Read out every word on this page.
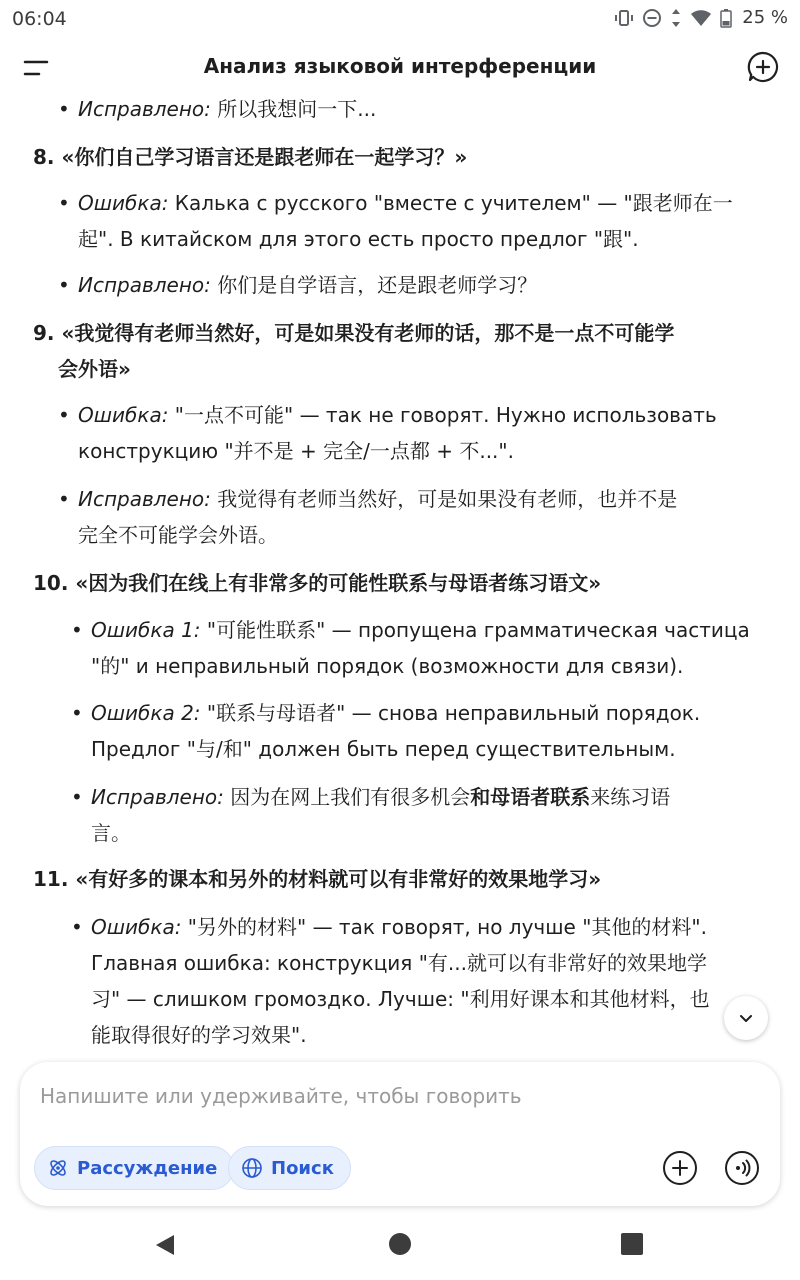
06:04	25 %
Анализ языковой интерференции
• Исправлено: 所以我想问一下...
8. «你们自己学习语言还是跟老师在一起学习？»
• Ошибка: Калька с русского "вместе с учителем" — "跟老师在一
起". В китайском для этого есть просто предлог "跟".
• Исправлено: 你们是自学语言，还是跟老师学习？
9. «我觉得有老师当然好，可是如果没有老师的话，那不是一点不可能学
会外语»
• Ошибка: "一点不可能" — так не говорят. Нужно использовать
конструкцию "并不是 + 完全/一点都 + 不...".
• Исправлено: 我觉得有老师当然好，可是如果没有老师，也并不是
完全不可能学会外语。
10. «因为我们在线上有非常多的可能性联系与母语者练习语文»
• Ошибка 1: "可能性联系" — пропущена грамматическая частица
"的" и неправильный порядок (возможности для связи).
• Ошибка 2: "联系与母语者" — снова неправильный порядок.
Предлог "与/和" должен быть перед существительным.
• Исправлено: 因为在网上我们有很多机会和母语者联系来练习语
言。
11. «有好多的课本和另外的材料就可以有非常好的效果地学习»
• Ошибка: "另外的材料" — так говорят, но лучше "其他的材料".
Главная ошибка: конструкция "有...就可以有非常好的效果地学
习" — слишком громоздко. Лучше: "利用好课本和其他材料，也
能取得很好的学习效果".
Напишите или удерживайте, чтобы говорить
Рассуждение	Поиск
